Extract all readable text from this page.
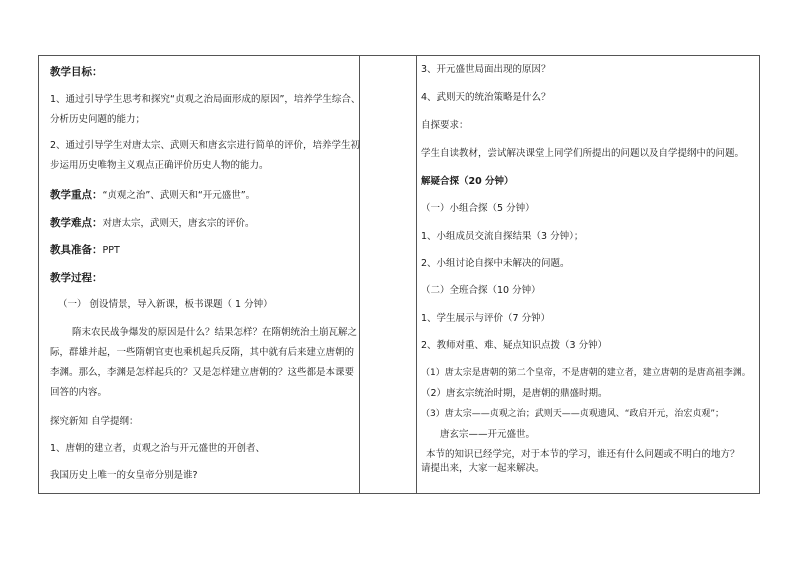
教学目标：
1、通过引导学生思考和探究“贞观之治局面形成的原因”，培养学生综合、
分析历史问题的能力；
2、通过引导学生对唐太宗、武则天和唐玄宗进行简单的评价，培养学生初
步运用历史唯物主义观点正确评价历史人物的能力。
教学重点：“贞观之治”、武则天和“开元盛世”。
教学难点：对唐太宗，武则天，唐玄宗的评价。
教具准备：PPT
教学过程：
（一） 创设情景，导入新课，板书课题（ 1 分钟）
隋末农民战争爆发的原因是什么？结果怎样？在隋朝统治土崩瓦解之
际，群雄并起，一些隋朝官吏也乘机起兵反隋，其中就有后来建立唐朝的
李渊。那么，李渊是怎样起兵的？又是怎样建立唐朝的？这些都是本课要
回答的内容。
探究新知 自学提纲：
1、唐朝的建立者，贞观之治与开元盛世的开创者、
我国历史上唯一的女皇帝分别是谁?
3、开元盛世局面出现的原因？
4、武则天的统治策略是什么？
自探要求：
学生自读教材，尝试解决课堂上同学们所提出的问题以及自学提纲中的问题。
解疑合探（20 分钟）
（一）小组合探（5 分钟）
1、小组成员交流自探结果（3 分钟）；
2、小组讨论自探中未解决的问题。
（二）全班合探（10 分钟）
1、学生展示与评价（7 分钟）
2、教师对重、难、疑点知识点拨（3 分钟）
（1）唐太宗是唐朝的第二个皇帝，不是唐朝的建立者，建立唐朝的是唐高祖李渊。
（2）唐玄宗统治时期，是唐朝的鼎盛时期。
（3）唐太宗——贞观之治；武则天——贞观遗风、“政启开元，治宏贞观”；
唐玄宗——开元盛世。
本节的知识已经学完，对于本节的学习，谁还有什么问题或不明白的地方？
请提出来，大家一起来解决。
